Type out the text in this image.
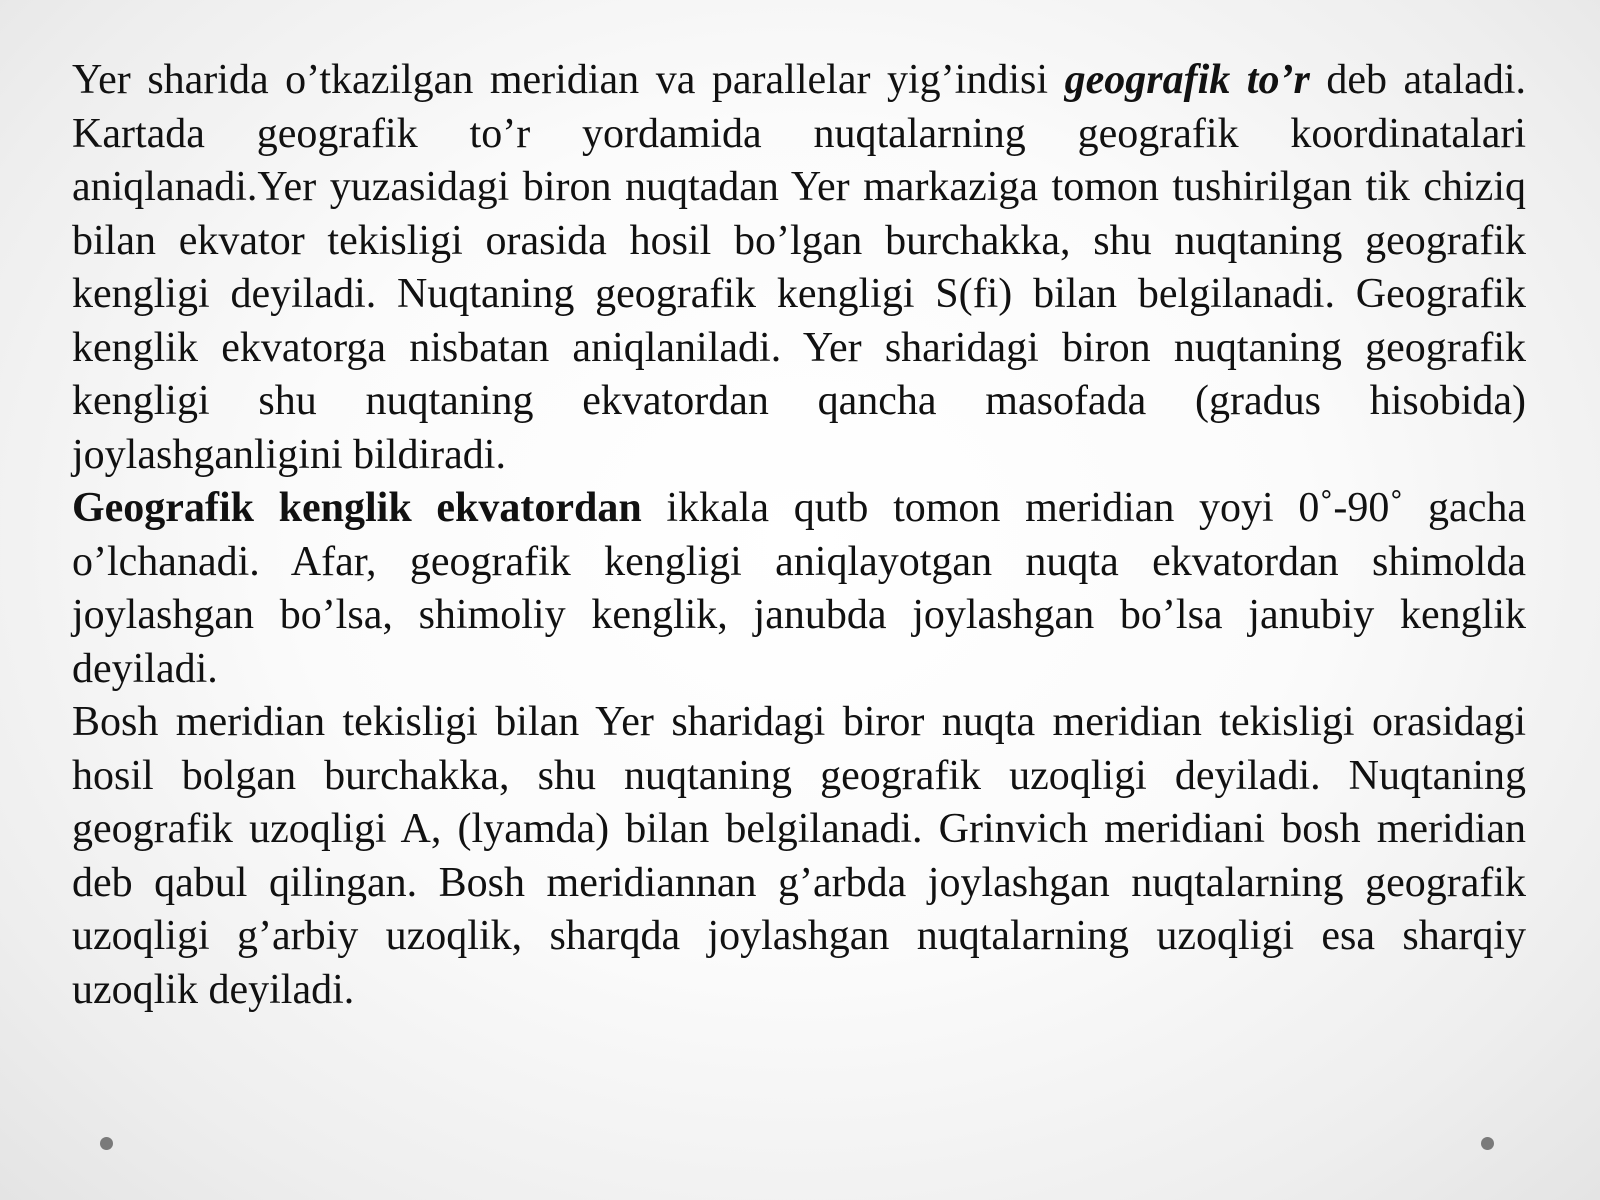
Yer sharida o’tkazilgan meridian va parallelar yig’indisi geografik to’r deb ataladi. Kartada geografik to’r yordamida nuqtalarning geografik koordinatalari aniqlanadi.Yer yuzasidagi biron nuqtadan Yer markaziga tomon tushirilgan tik chiziq bilan ekvator tekisligi orasida hosil bo’lgan burchakka, shu nuqtaning geografik kengligi deyiladi. Nuqtaning geografik kengligi S(fi) bilan belgilanadi. Geografik kenglik ekvatorga nisbatan aniqlaniladi. Yer sharidagi biron nuqtaning geografik kengligi shu nuqtaning ekvatordan qancha masofada (gradus hisobida) joylashganligini bildiradi.

Geografik kenglik ekvatordan ikkala qutb tomon meridian yoyi 0˚-90˚ gacha o’lchanadi. Afar, geografik kengligi aniqlayotgan nuqta ekvatordan shimolda joylashgan bo’lsa, shimoliy kenglik, janubda joylashgan bo’lsa janubiy kenglik deyiladi.

Bosh meridian tekisligi bilan Yer sharidagi biror nuqta meridian tekisligi orasidagi hosil bolgan burchakka, shu nuqtaning geografik uzoqligi deyiladi. Nuqtaning geografik uzoqligi A, (lyamda) bilan belgilanadi. Grinvich meridiani bosh meridian deb qabul qilingan. Bosh meridiannan g’arbda joylashgan nuqtalarning geografik uzoqligi g’arbiy uzoqlik, sharqda joylashgan nuqtalarning uzoqligi esa sharqiy uzoqlik deyiladi.
